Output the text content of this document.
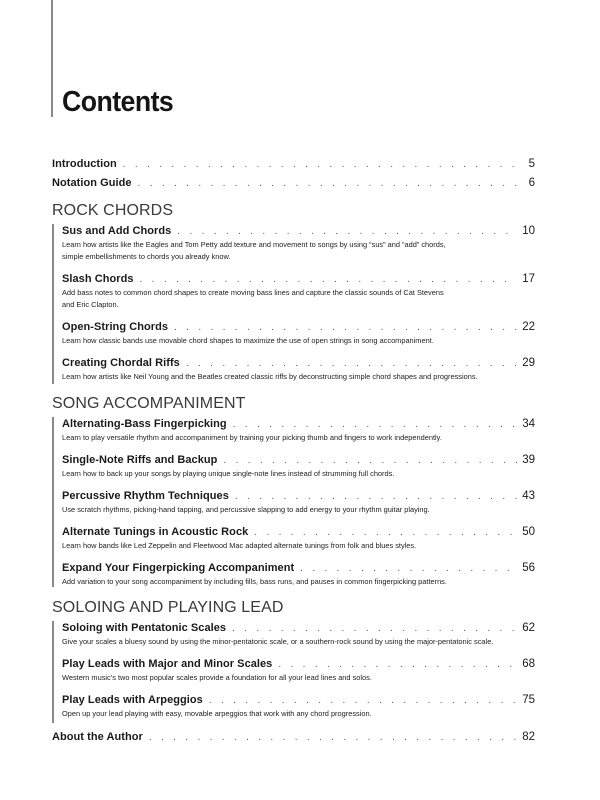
Contents
Introduction . . .	5
Notation Guide . . .	6
ROCK CHORDS
Sus and Add Chords . . .	10
Learn how artists like the Eagles and Tom Petty add texture and movement to songs by using “sus” and “add” chords,
simple embellishments to chords you already know.
Slash Chords . . .	17
Add bass notes to common chord shapes to create moving bass lines and capture the classic sounds of Cat Stevens
and Eric Clapton.
Open-String Chords . . .	22
Learn how classic bands use movable chord shapes to maximize the use of open strings in song accompaniment.
Creating Chordal Riffs . . .	29
Learn how artists like Neil Young and the Beatles created classic riffs by deconstructing simple chord shapes and progressions.
SONG ACCOMPANIMENT
Alternating-Bass Fingerpicking . . .	34
Learn to play versatile rhythm and accompaniment by training your picking thumb and fingers to work independently.
Single-Note Riffs and Backup . . .	39
Learn how to back up your songs by playing unique single-note lines instead of strumming full chords.
Percussive Rhythm Techniques . . .	43
Use scratch rhythms, picking-hand tapping, and percussive slapping to add energy to your rhythm guitar playing.
Alternate Tunings in Acoustic Rock . . .	50
Learn how bands like Led Zeppelin and Fleetwood Mac adapted alternate tunings from folk and blues styles.
Expand Your Fingerpicking Accompaniment . . .	56
Add variation to your song accompaniment by including fills, bass runs, and pauses in common fingerpicking patterns.
SOLOING AND PLAYING LEAD
Soloing with Pentatonic Scales . . .	62
Give your scales a bluesy sound by using the minor-pentatonic scale, or a southern-rock sound by using the major-pentatonic scale.
Play Leads with Major and Minor Scales . . .	68
Western music’s two most popular scales provide a foundation for all your lead lines and solos.
Play Leads with Arpeggios . . .	75
Open up your lead playing with easy, movable arpeggios that work with any chord progression.
About the Author . . .	82
